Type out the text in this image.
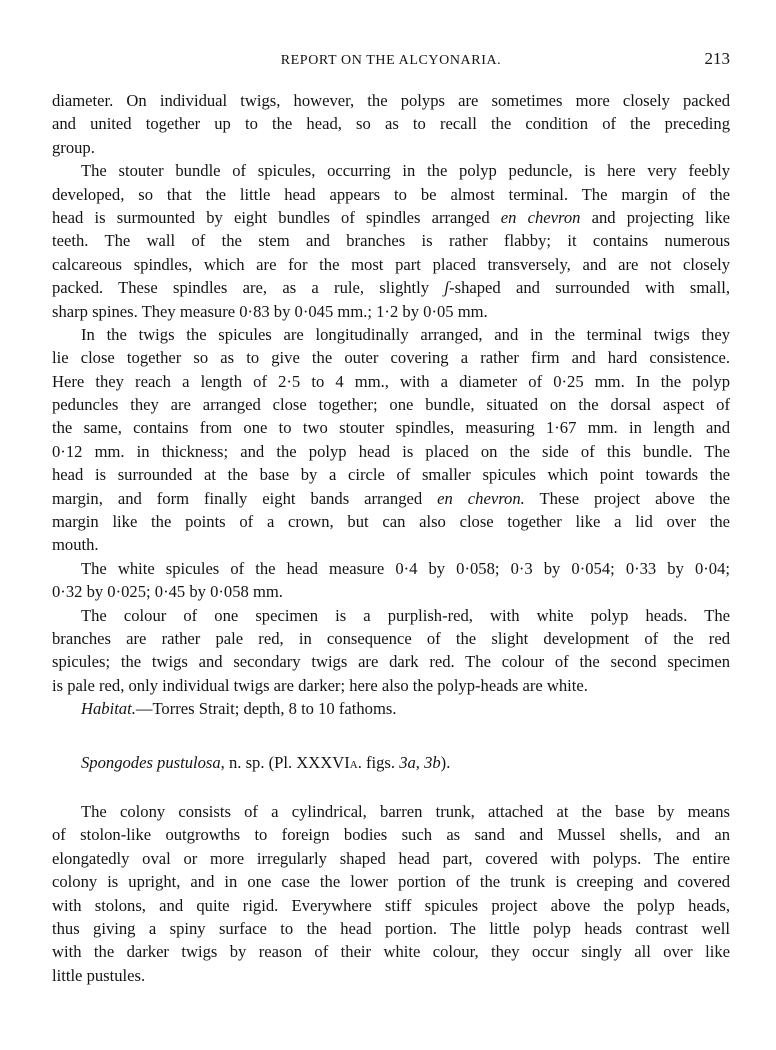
REPORT ON THE ALCYONARIA.	213
diameter. On individual twigs, however, the polyps are sometimes more closely packed
and united together up to the head, so as to recall the condition of the preceding
group.
The stouter bundle of spicules, occurring in the polyp peduncle, is here very feebly
developed, so that the little head appears to be almost terminal. The margin of the
head is surmounted by eight bundles of spindles arranged en chevron and projecting like
teeth. The wall of the stem and branches is rather flabby; it contains numerous
calcareous spindles, which are for the most part placed transversely, and are not closely
packed. These spindles are, as a rule, slightly ʃ-shaped and surrounded with small,
sharp spines. They measure 0·83 by 0·045 mm.; 1·2 by 0·05 mm.
In the twigs the spicules are longitudinally arranged, and in the terminal twigs they
lie close together so as to give the outer covering a rather firm and hard consistence.
Here they reach a length of 2·5 to 4 mm., with a diameter of 0·25 mm. In the polyp
peduncles they are arranged close together; one bundle, situated on the dorsal aspect of
the same, contains from one to two stouter spindles, measuring 1·67 mm. in length and
0·12 mm. in thickness; and the polyp head is placed on the side of this bundle. The
head is surrounded at the base by a circle of smaller spicules which point towards the
margin, and form finally eight bands arranged en chevron. These project above the
margin like the points of a crown, but can also close together like a lid over the
mouth.
The white spicules of the head measure 0·4 by 0·058; 0·3 by 0·054; 0·33 by 0·04;
0·32 by 0·025; 0·45 by 0·058 mm.
The colour of one specimen is a purplish-red, with white polyp heads. The
branches are rather pale red, in consequence of the slight development of the red
spicules; the twigs and secondary twigs are dark red. The colour of the second specimen
is pale red, only individual twigs are darker; here also the polyp-heads are white.
Habitat.—Torres Strait; depth, 8 to 10 fathoms.
Spongodes pustulosa, n. sp. (Pl. XXXVIA. figs. 3a, 3b).
The colony consists of a cylindrical, barren trunk, attached at the base by means
of stolon-like outgrowths to foreign bodies such as sand and Mussel shells, and an
elongatedly oval or more irregularly shaped head part, covered with polyps. The entire
colony is upright, and in one case the lower portion of the trunk is creeping and covered
with stolons, and quite rigid. Everywhere stiff spicules project above the polyp heads,
thus giving a spiny surface to the head portion. The little polyp heads contrast well
with the darker twigs by reason of their white colour, they occur singly all over like
little pustules.
